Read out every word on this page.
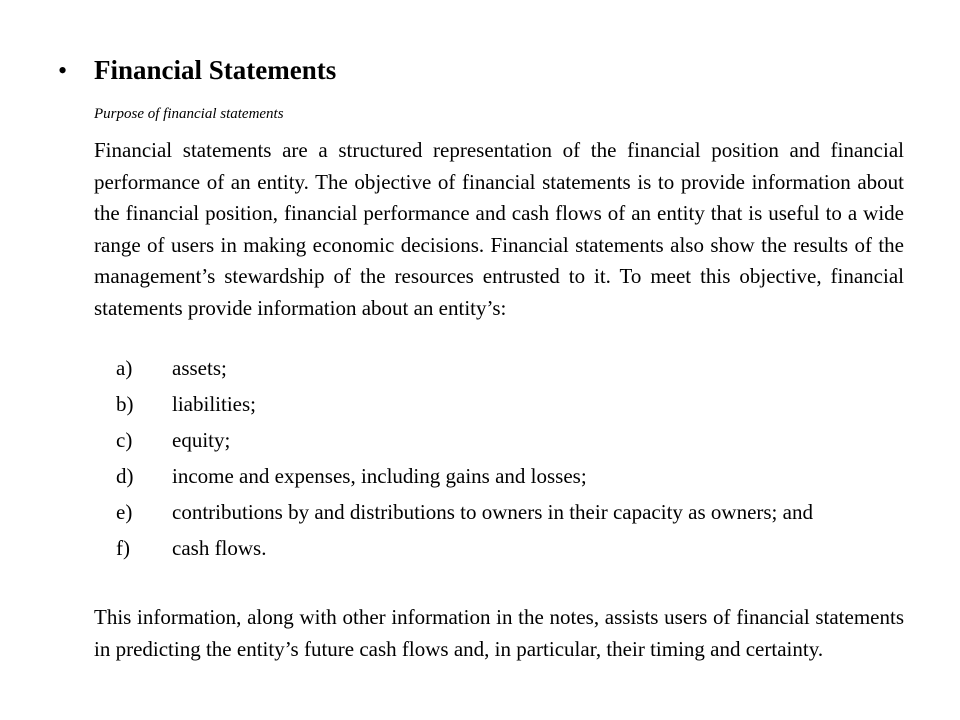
• Financial Statements
Purpose of financial statements

Financial statements are a structured representation of the financial position and financial performance of an entity. The objective of financial statements is to provide information about the financial position, financial performance and cash flows of an entity that is useful to a wide range of users in making economic decisions. Financial statements also show the results of the management’s stewardship of the resources entrusted to it. To meet this objective, financial statements provide information about an entity’s:

a)	assets;
b)	liabilities;
c)	equity;
d)	income and expenses, including gains and losses;
e)	contributions by and distributions to owners in their capacity as owners; and
f)	cash flows.

This information, along with other information in the notes, assists users of financial statements in predicting the entity’s future cash flows and, in particular, their timing and certainty.
